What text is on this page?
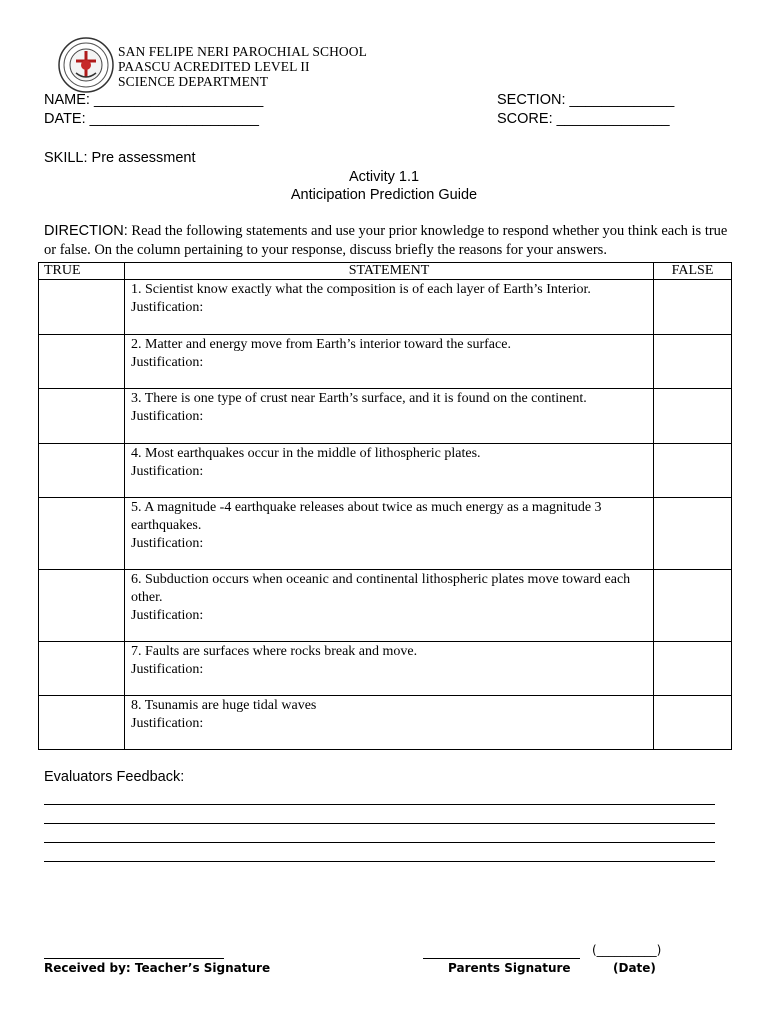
SAN FELIPE NERI PAROCHIAL SCHOOL
PAASCU ACREDITED LEVEL II
SCIENCE DEPARTMENT
NAME: _____________________
DATE: _____________________
SECTION: _____________
SCORE: ______________
SKILL: Pre assessment
Activity 1.1
Anticipation Prediction Guide
DIRECTION: Read the following statements and use your prior knowledge to respond whether you think each is true or false. On the column pertaining to your response, discuss briefly the reasons for your answers.
TRUE	STATEMENT	FALSE

	1. Scientist know exactly what the composition is of each layer of Earth’s Interior.
Justification:	

	2. Matter and energy move from Earth’s interior toward the surface.
Justification:	

	3. There is one type of crust near Earth’s surface, and it is found on the continent.
Justification:	

	4. Most earthquakes occur in the middle of lithospheric plates.
Justification:	

	5. A magnitude -4 earthquake releases about twice as much energy as a magnitude 3 earthquakes.
Justification:	

	6. Subduction occurs when oceanic and continental lithospheric plates move toward each other.
Justification:	

	7. Faults are surfaces where rocks break and move.
Justification:	

	8. Tsunamis are huge tidal waves
Justification:	

Evaluators Feedback:
Received by: Teacher’s Signature	Parents Signature
(__________)
(Date)
